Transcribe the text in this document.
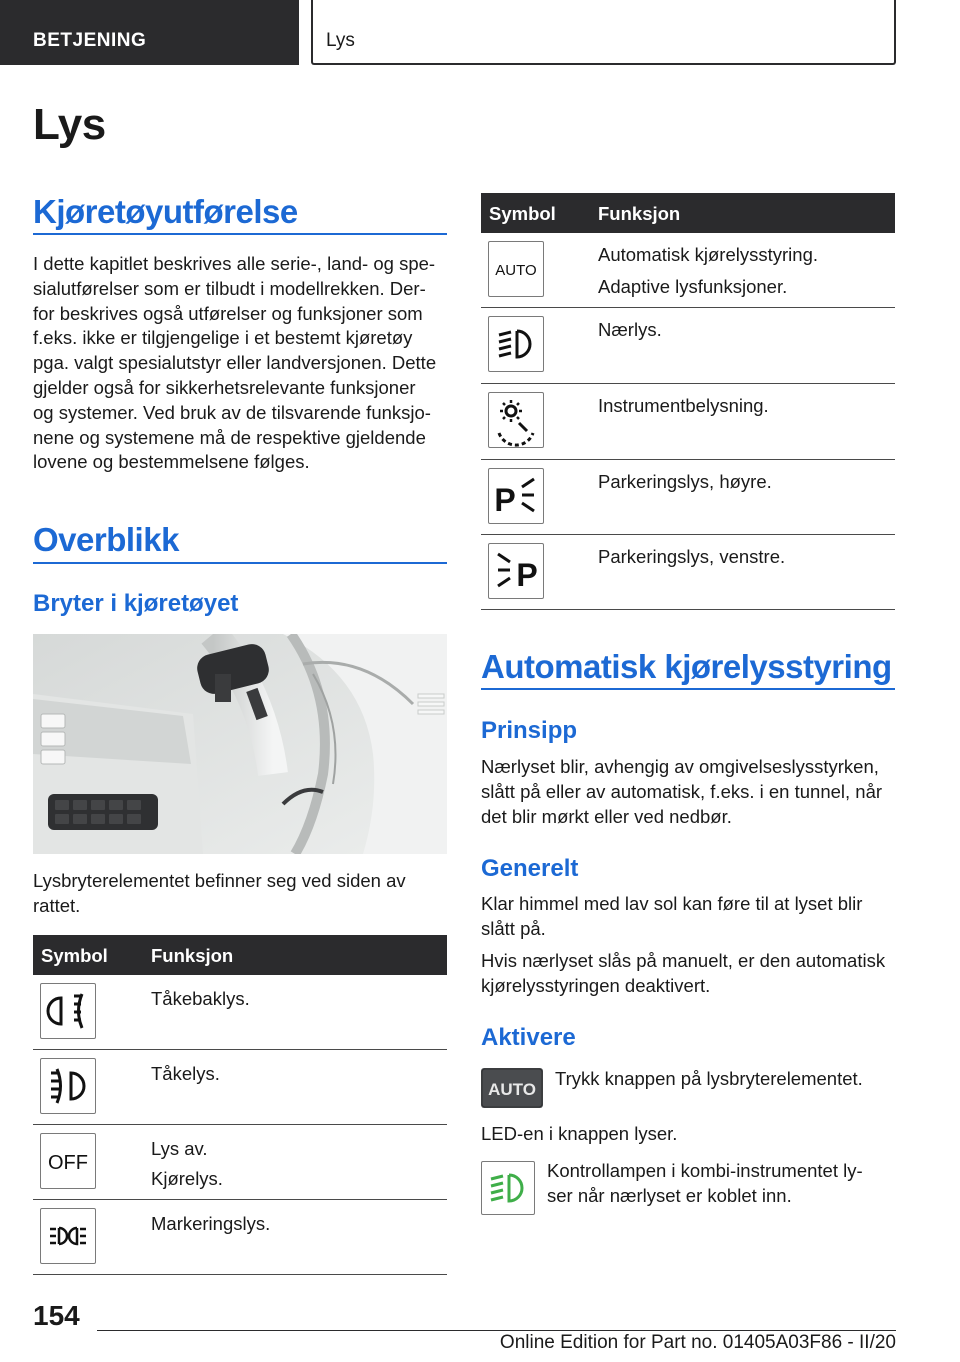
BETJENING	Lys
Lys
Kjøretøyutførelse
I dette kapitlet beskrives alle serie-, land- og spe-
sialutførelser som er tilbudt i modellrekken. Der-
for beskrives også utførelser og funksjoner som
f.eks. ikke er tilgjengelige i et bestemt kjøretøy
pga. valgt spesialutstyr eller landversjonen. Dette
gjelder også for sikkerhetsrelevante funksjoner
og systemer. Ved bruk av de tilsvarende funksjo-
nene og systemene må de respektive gjeldende
lovene og bestemmelsene følges.
Overblikk
Bryter i kjøretøyet
Lysbryterelementet befinner seg ved siden av
rattet.
Symbol Funksjon
Tåkebaklys.
Tåkelys.
OFF
Lys av.
Kjørelys.
Markeringslys.
Symbol Funksjon
AUTO
Automatisk kjørelysstyring.
Adaptive lysfunksjoner.
Nærlys.
Instrumentbelysning.
P
Parkeringslys, høyre.
P
Parkeringslys, venstre.
Automatisk kjørelysstyring
Prinsipp
Nærlyset blir, avhengig av omgivelseslysstyrken,
slått på eller av automatisk, f.eks. i en tunnel, når
det blir mørkt eller ved nedbør.
Generelt
Klar himmel med lav sol kan føre til at lyset blir
slått på.
Hvis nærlyset slås på manuelt, er den automatisk
kjørelysstyringen deaktivert.
Aktivere
AUTO
Trykk knappen på lysbryterelementet.
LED-en i knappen lyser.
Kontrollampen i kombi-instrumentet ly-
ser når nærlyset er koblet inn.
154
Online Edition for Part no. 01405A03F86 - II/20
